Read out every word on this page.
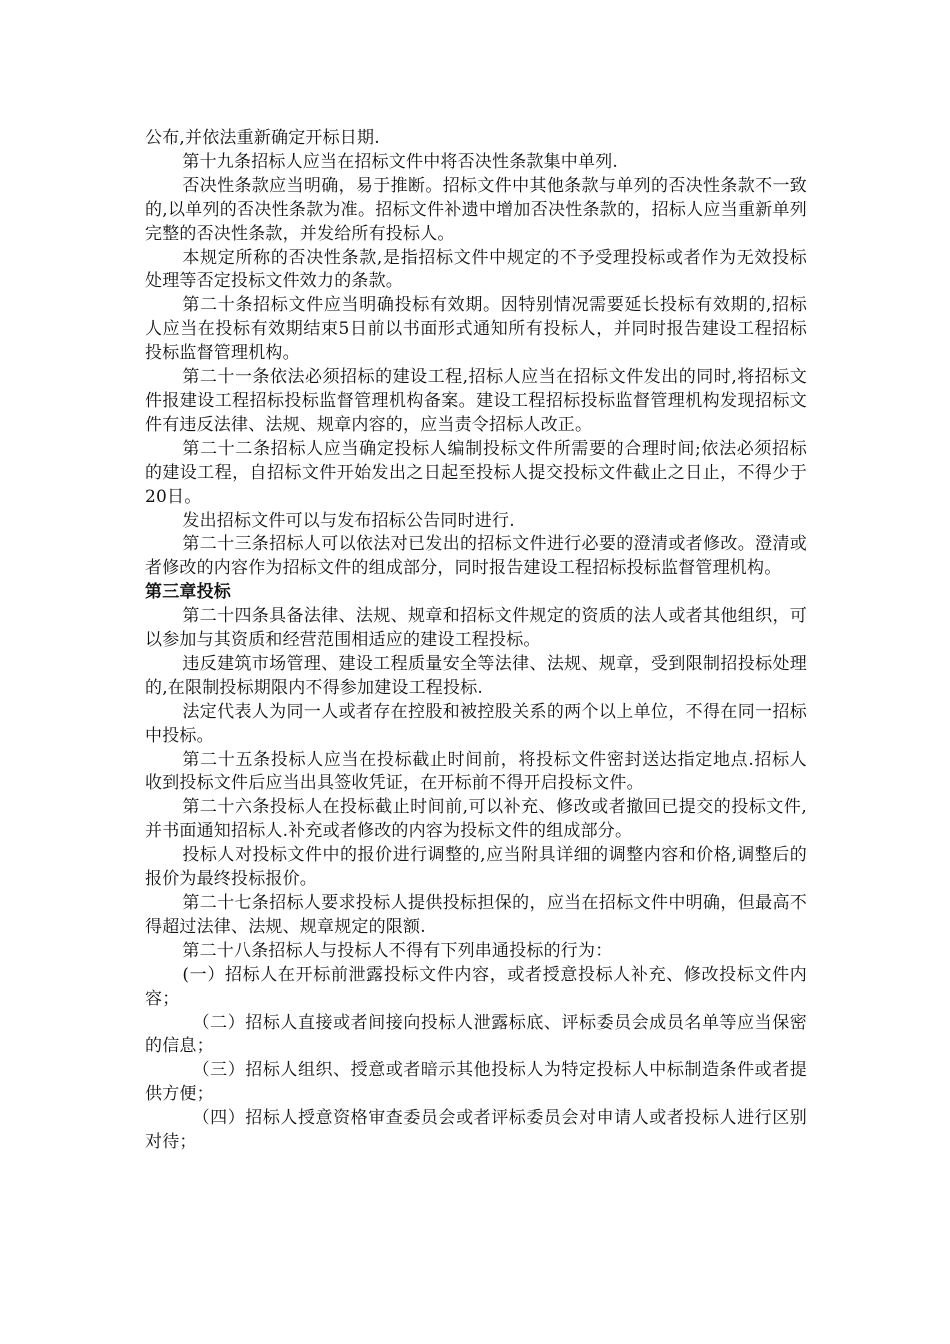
公布,并依法重新确定开标日期.

第十九条招标人应当在招标文件中将否决性条款集中单列.

否决性条款应当明确，易于推断。招标文件中其他条款与单列的否决性条款不一致的,以单列的否决性条款为准。招标文件补遗中增加否决性条款的，招标人应当重新单列完整的否决性条款，并发给所有投标人。

本规定所称的否决性条款,是指招标文件中规定的不予受理投标或者作为无效投标处理等否定投标文件效力的条款。

第二十条招标文件应当明确投标有效期。因特别情况需要延长投标有效期的,招标人应当在投标有效期结束5日前以书面形式通知所有投标人，并同时报告建设工程招标投标监督管理机构。

第二十一条依法必须招标的建设工程,招标人应当在招标文件发出的同时,将招标文件报建设工程招标投标监督管理机构备案。建设工程招标投标监督管理机构发现招标文件有违反法律、法规、规章内容的，应当责令招标人改正。

第二十二条招标人应当确定投标人编制投标文件所需要的合理时间;依法必须招标的建设工程，自招标文件开始发出之日起至投标人提交投标文件截止之日止，不得少于20日。

发出招标文件可以与发布招标公告同时进行.

第二十三条招标人可以依法对已发出的招标文件进行必要的澄清或者修改。澄清或者修改的内容作为招标文件的组成部分，同时报告建设工程招标投标监督管理机构。

第三章投标

第二十四条具备法律、法规、规章和招标文件规定的资质的法人或者其他组织，可以参加与其资质和经营范围相适应的建设工程投标。

违反建筑市场管理、建设工程质量安全等法律、法规、规章，受到限制招投标处理的,在限制投标期限内不得参加建设工程投标.

法定代表人为同一人或者存在控股和被控股关系的两个以上单位，不得在同一招标中投标。

第二十五条投标人应当在投标截止时间前，将投标文件密封送达指定地点.招标人收到投标文件后应当出具签收凭证，在开标前不得开启投标文件。

第二十六条投标人在投标截止时间前,可以补充、修改或者撤回已提交的投标文件,并书面通知招标人.补充或者修改的内容为投标文件的组成部分。

投标人对投标文件中的报价进行调整的,应当附具详细的调整内容和价格,调整后的报价为最终投标报价。

第二十七条招标人要求投标人提供投标担保的，应当在招标文件中明确，但最高不得超过法律、法规、规章规定的限额.

第二十八条招标人与投标人不得有下列串通投标的行为：

(一）招标人在开标前泄露投标文件内容，或者授意投标人补充、修改投标文件内容；

（二）招标人直接或者间接向投标人泄露标底、评标委员会成员名单等应当保密的信息；

（三）招标人组织、授意或者暗示其他投标人为特定投标人中标制造条件或者提供方便；

（四）招标人授意资格审查委员会或者评标委员会对申请人或者投标人进行区别对待；
